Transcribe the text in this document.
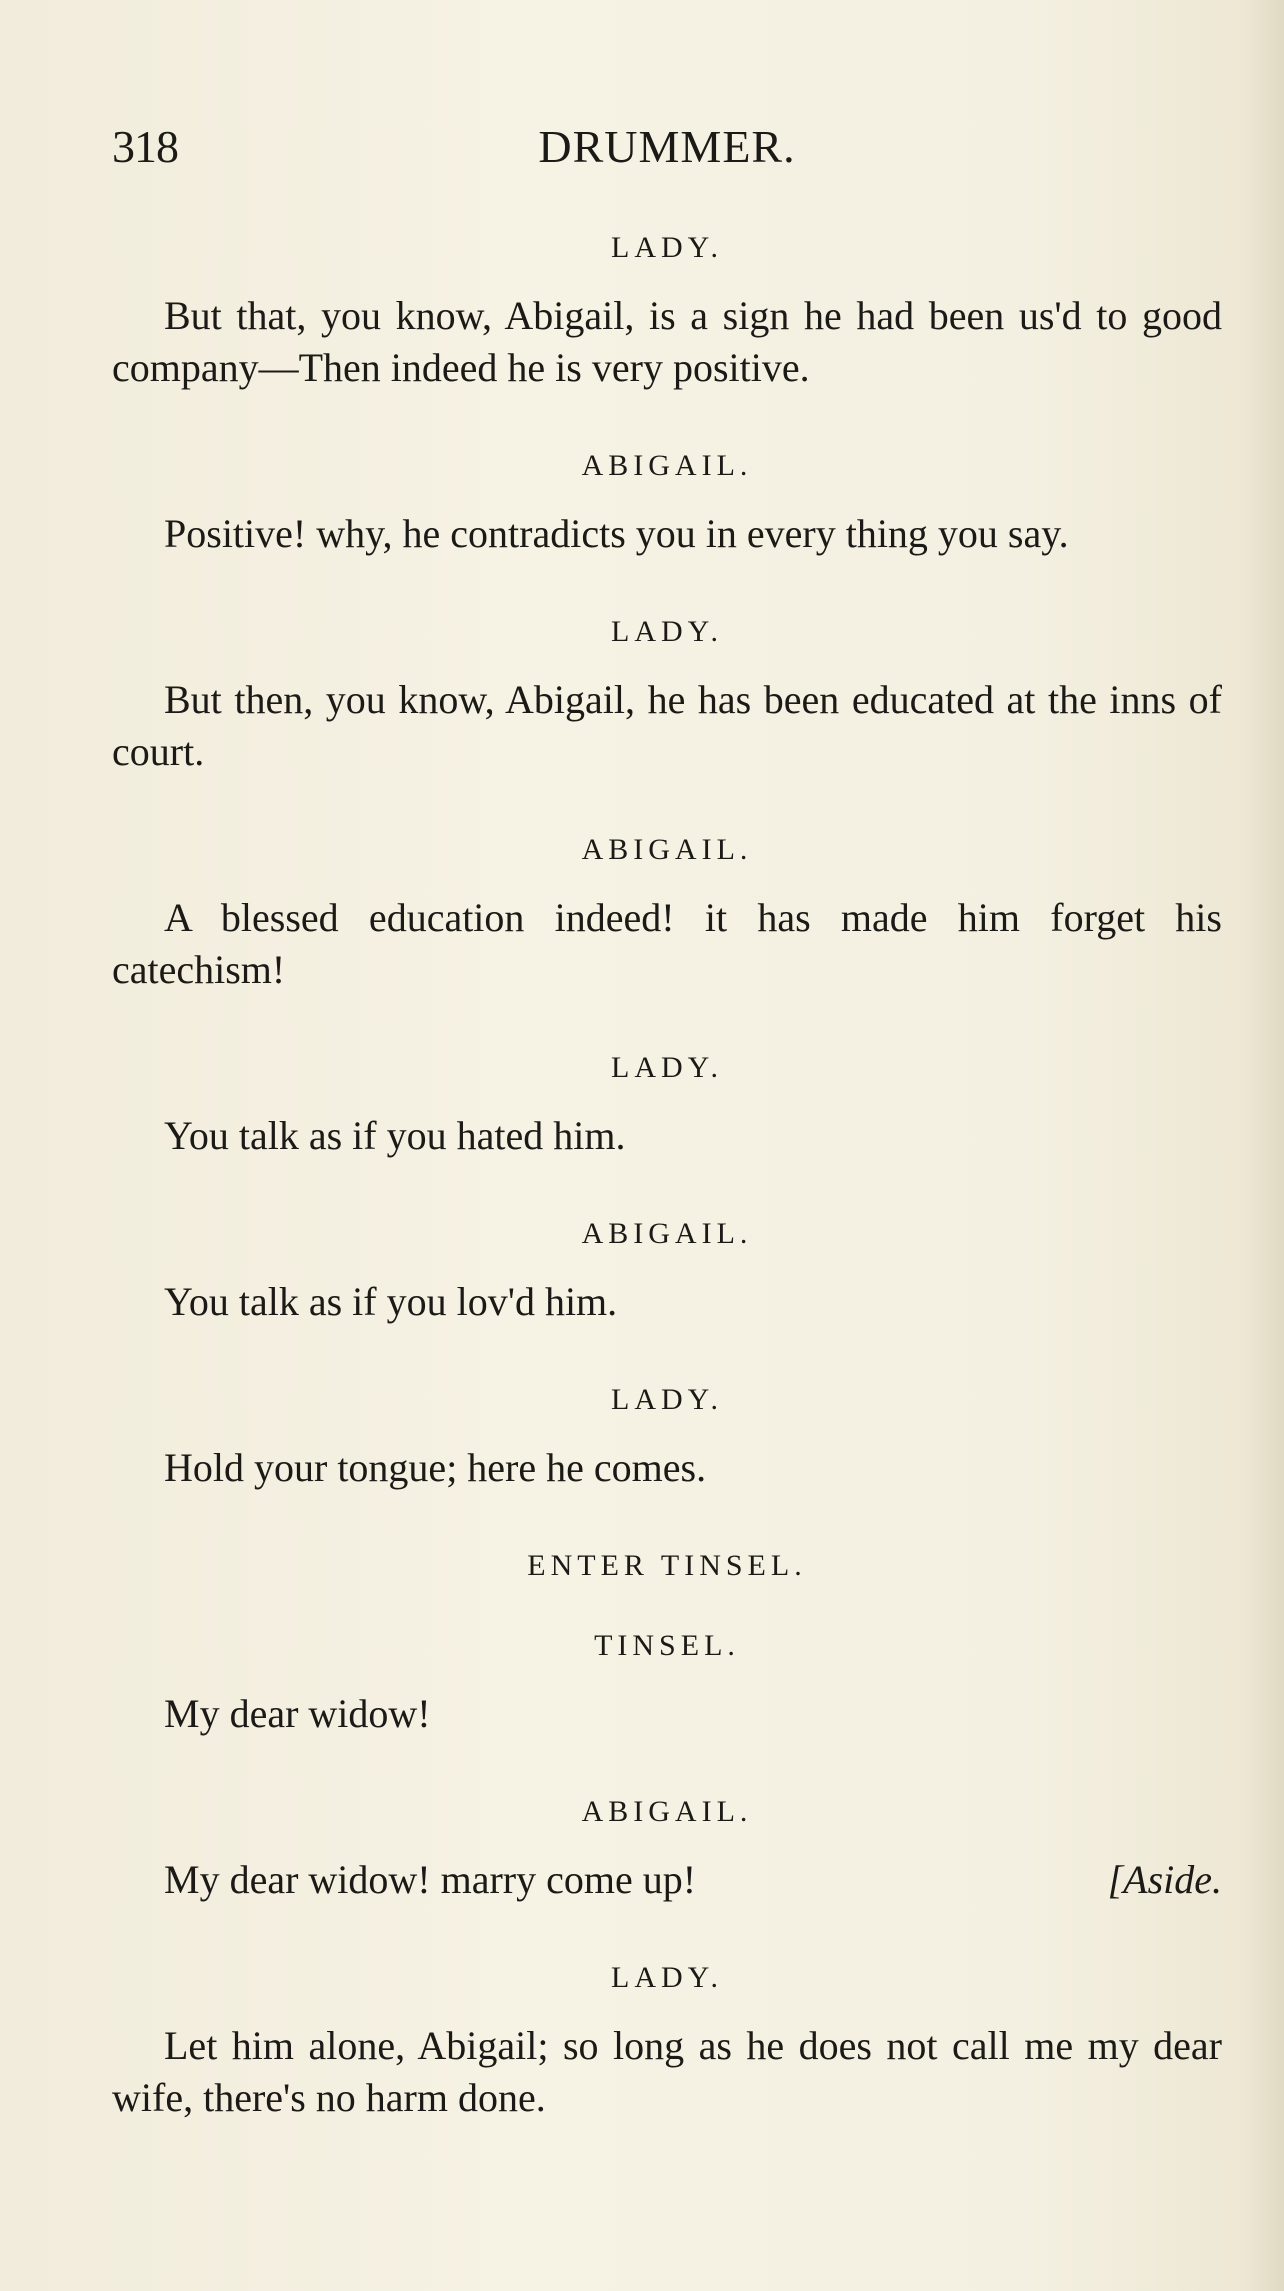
DRUMMER.
318

LADY.

But that, you know, Abigail, is a sign he had been us'd to good company—Then indeed he is very positive.

ABIGAIL.

Positive! why, he contradicts you in every thing you say.

LADY.

But then, you know, Abigail, he has been educated at the inns of court.

ABIGAIL.

A blessed education indeed! it has made him forget his catechism!

LADY.

You talk as if you hated him.

ABIGAIL.

You talk as if you lov'd him.

LADY.

Hold your tongue; here he comes.

ENTER TINSEL.

TINSEL.

My dear widow!

ABIGAIL.

My dear widow! marry come up!	[Aside.

LADY.

Let him alone, Abigail; so long as he does not call me my dear wife, there's no harm done.
